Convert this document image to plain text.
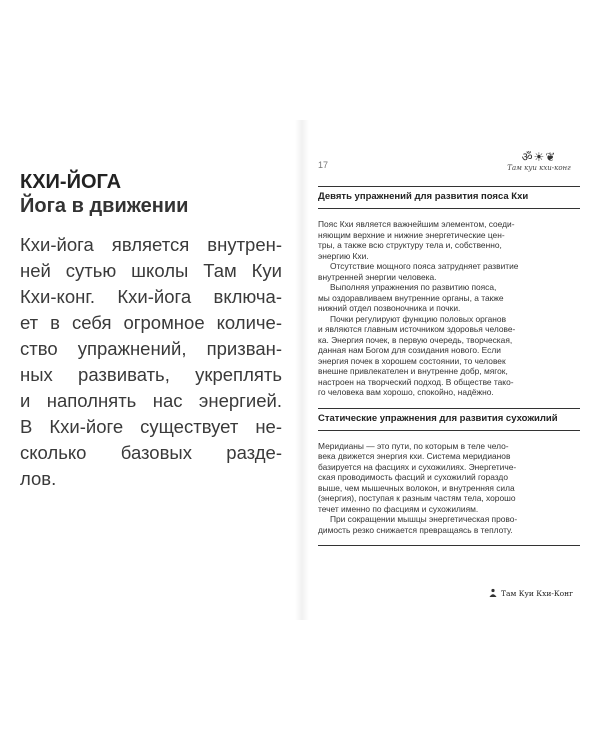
КХИ-ЙОГА
Йога в движении

Кхи-йога является внутрен-
ней сутью школы Там Куи
Кхи-конг. Кхи-йога включа-
ет в себя огромное количе-
ство упражнений, призван-
ных развивать, укреплять
и наполнять нас энергией.
В Кхи-йоге существует не-
сколько базовых разде-
лов.

17
ॐ☀❦
Там куи кхи-конг
Девять упражнений для развития пояса Кхи

Пояс Кхи является важнейшим элементом, соеди-
няющим верхние и нижние энергетические цен-
тры, а также всю структуру тела и, собственно,
энергию Кхи.

Отсутствие мощного пояса затрудняет развитие
внутренней энергии человека.

Выполняя упражнения по развитию пояса,
мы оздоравливаем внутренние органы, а также
нижний отдел позвоночника и почки.

Почки регулируют функцию половых органов
и являются главным источником здоровья челове-
ка. Энергия почек, в первую очередь, творческая,
данная нам Богом для созидания нового. Если
энергия почек в хорошем состоянии, то человек
внешне привлекателен и внутренне добр, мягок,
настроен на творческий подход. В обществе тако-
го человека вам хорошо, спокойно, надёжно.

Статические упражнения для развития сухожилий

Меридианы — это пути, по которым в теле чело-
века движется энергия кхи. Система меридианов
базируется на фасциях и сухожилиях. Энергетиче-
ская проводимость фасций и сухожилий гораздо
выше, чем мышечных волокон, и внутренняя сила
(энергия), поступая к разным частям тела, хорошо
течет именно по фасциям и сухожилиям.

При сокращении мышцы энергетическая прово-
димость резко снижается превращаясь в теплоту.

Там Куи Кхи-Конг
